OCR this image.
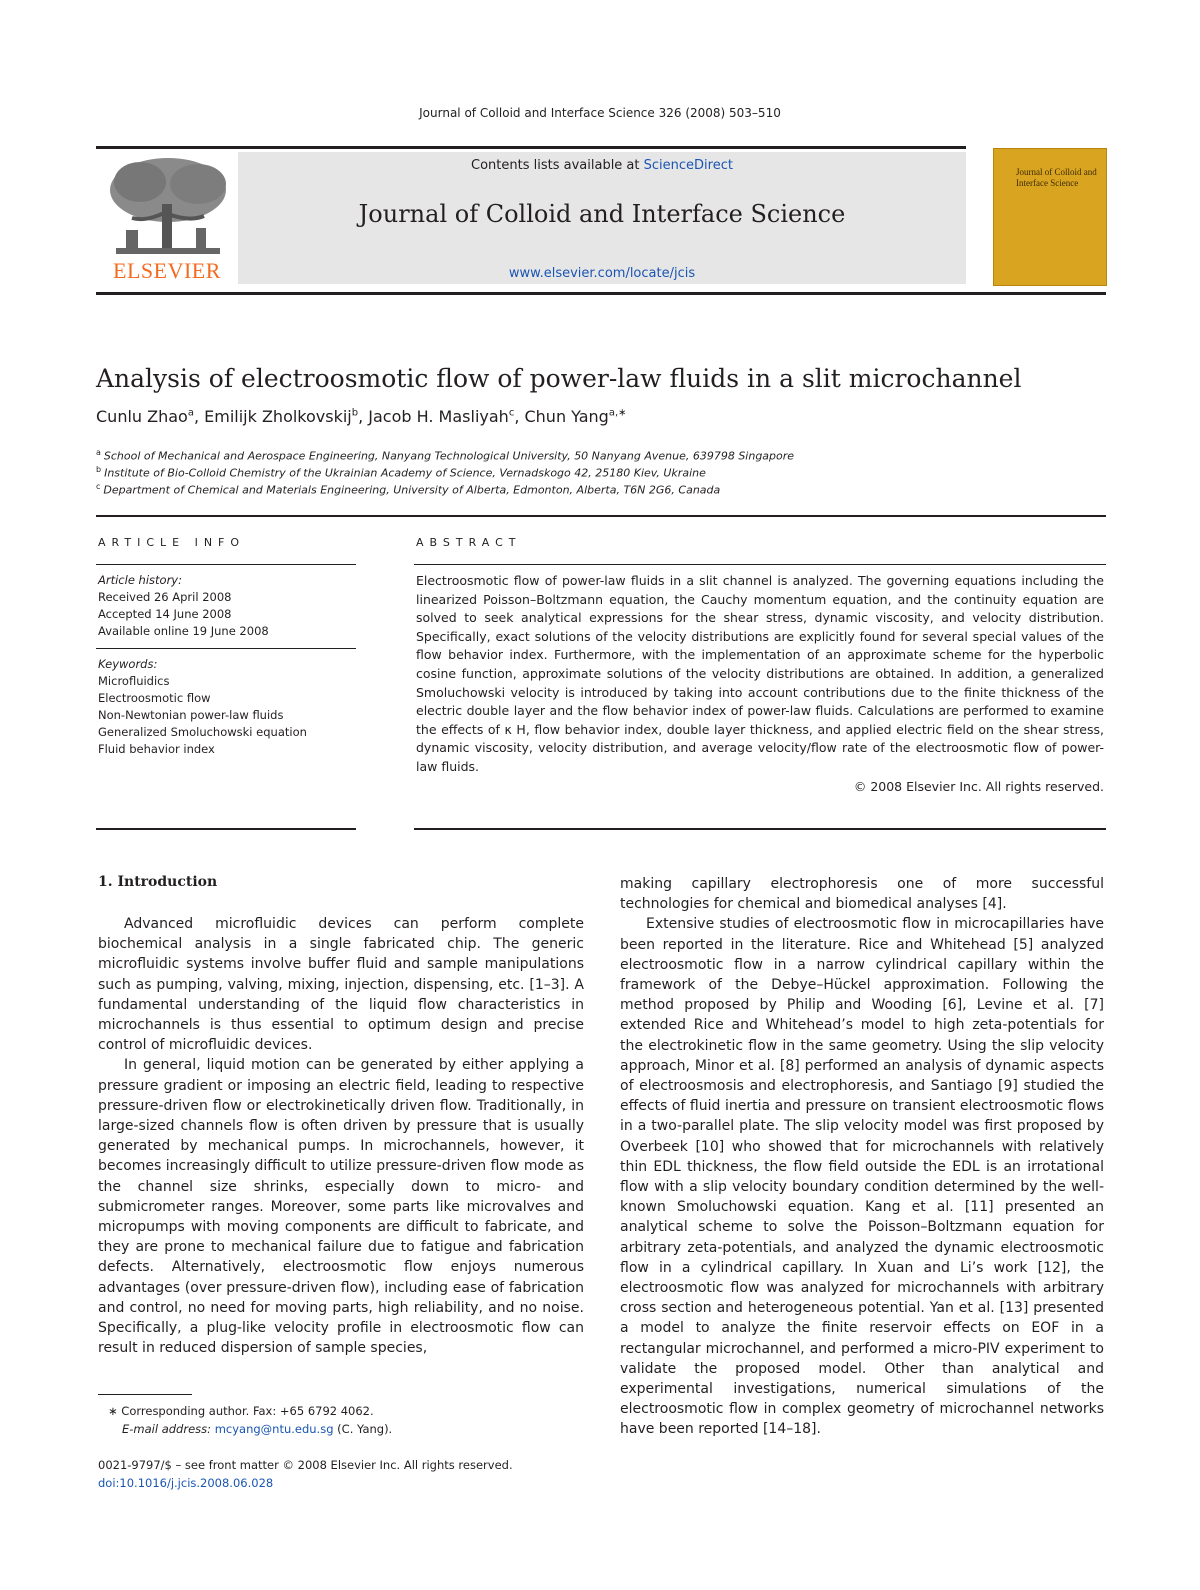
Journal of Colloid and Interface Science 326 (2008) 503–510
ELSEVIER
Contents lists available at ScienceDirect
Journal of Colloid and Interface Science
www.elsevier.com/locate/jcis
Journal of Colloid and Interface Science
Analysis of electroosmotic flow of power-law fluids in a slit microchannel
Cunlu Zhao$^a$, Emilijk Zholkovskij$^b$, Jacob H. Masliyah$^c$, Chun Yang$^{a,∗}$
$^a$ School of Mechanical and Aerospace Engineering, Nanyang Technological University, 50 Nanyang Avenue, 639798 Singapore
$^b$ Institute of Bio-Colloid Chemistry of the Ukrainian Academy of Science, Vernadskogo 42, 25180 Kiev, Ukraine
$^c$ Department of Chemical and Materials Engineering, University of Alberta, Edmonton, Alberta, T6N 2G6, Canada
ARTICLE INFO
Article history:
Received 26 April 2008
Accepted 14 June 2008
Available online 19 June 2008
Keywords:
Microfluidics
Electroosmotic flow
Non-Newtonian power-law fluids
Generalized Smoluchowski equation
Fluid behavior index
ABSTRACT
Electroosmotic flow of power-law fluids in a slit channel is analyzed. The governing equations including the linearized Poisson–Boltzmann equation, the Cauchy momentum equation, and the continuity equation are solved to seek analytical expressions for the shear stress, dynamic viscosity, and velocity distribution. Specifically, exact solutions of the velocity distributions are explicitly found for several special values of the flow behavior index. Furthermore, with the implementation of an approximate scheme for the hyperbolic cosine function, approximate solutions of the velocity distributions are obtained. In addition, a generalized Smoluchowski velocity is introduced by taking into account contributions due to the finite thickness of the electric double layer and the flow behavior index of power-law fluids. Calculations are performed to examine the effects of κ H, flow behavior index, double layer thickness, and applied electric field on the shear stress, dynamic viscosity, velocity distribution, and average velocity/flow rate of the electroosmotic flow of power-law fluids.
© 2008 Elsevier Inc. All rights reserved.
1. Introduction

Advanced microfluidic devices can perform complete biochemical analysis in a single fabricated chip. The generic microfluidic systems involve buffer fluid and sample manipulations such as pumping, valving, mixing, injection, dispensing, etc. [1–3]. A fundamental understanding of the liquid flow characteristics in microchannels is thus essential to optimum design and precise control of microfluidic devices.

In general, liquid motion can be generated by either applying a pressure gradient or imposing an electric field, leading to respective pressure-driven flow or electrokinetically driven flow. Traditionally, in large-sized channels flow is often driven by pressure that is usually generated by mechanical pumps. In microchannels, however, it becomes increasingly difficult to utilize pressure-driven flow mode as the channel size shrinks, especially down to micro- and submicrometer ranges. Moreover, some parts like microvalves and micropumps with moving components are difficult to fabricate, and they are prone to mechanical failure due to fatigue and fabrication defects. Alternatively, electroosmotic flow enjoys numerous advantages (over pressure-driven flow), including ease of fabrication and control, no need for moving parts, high reliability, and no noise. Specifically, a plug-like velocity profile in electroosmotic flow can result in reduced dispersion of sample species,

making capillary electrophoresis one of more successful technologies for chemical and biomedical analyses [4].

Extensive studies of electroosmotic flow in microcapillaries have been reported in the literature. Rice and Whitehead [5] analyzed electroosmotic flow in a narrow cylindrical capillary within the framework of the Debye–Hückel approximation. Following the method proposed by Philip and Wooding [6], Levine et al. [7] extended Rice and Whitehead’s model to high zeta-potentials for the electrokinetic flow in the same geometry. Using the slip velocity approach, Minor et al. [8] performed an analysis of dynamic aspects of electroosmosis and electrophoresis, and Santiago [9] studied the effects of fluid inertia and pressure on transient electroosmotic flows in a two-parallel plate. The slip velocity model was first proposed by Overbeek [10] who showed that for microchannels with relatively thin EDL thickness, the flow field outside the EDL is an irrotational flow with a slip velocity boundary condition determined by the well-known Smoluchowski equation. Kang et al. [11] presented an analytical scheme to solve the Poisson–Boltzmann equation for arbitrary zeta-potentials, and analyzed the dynamic electroosmotic flow in a cylindrical capillary. In Xuan and Li’s work [12], the electroosmotic flow was analyzed for microchannels with arbitrary cross section and heterogeneous potential. Yan et al. [13] presented a model to analyze the finite reservoir effects on EOF in a rectangular microchannel, and performed a micro-PIV experiment to validate the proposed model. Other than analytical and experimental investigations, numerical simulations of the electroosmotic flow in complex geometry of microchannel networks have been reported [14–18].

∗ Corresponding author. Fax: +65 6792 4062.
E-mail address: mcyang@ntu.edu.sg (C. Yang).
0021-9797/$ – see front matter © 2008 Elsevier Inc. All rights reserved.
doi:10.1016/j.jcis.2008.06.028
